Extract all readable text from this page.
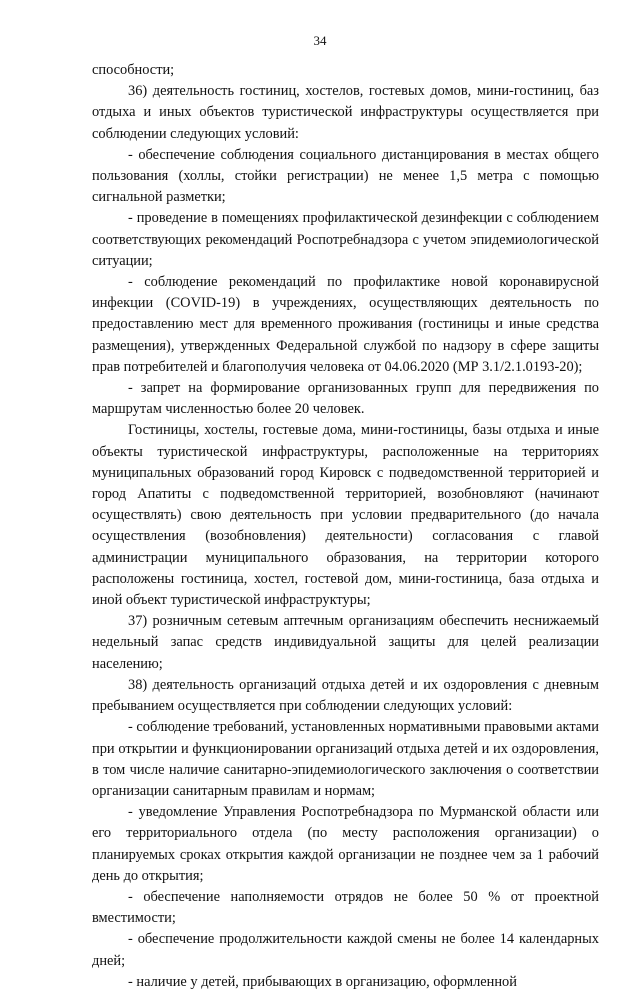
34

способности;

36) деятельность гостиниц, хостелов, гостевых домов, мини-гостиниц, баз отдыха и иных объектов туристической инфраструктуры осуществляется при соблюдении следующих условий:

- обеспечение соблюдения социального дистанцирования в местах общего пользования (холлы, стойки регистрации) не менее 1,5 метра с помощью сигнальной разметки;

- проведение в помещениях профилактической дезинфекции с соблюдением соответствующих рекомендаций Роспотребнадзора с учетом эпидемиологической ситуации;

- соблюдение рекомендаций по профилактике новой коронавирусной инфекции (COVID-19) в учреждениях, осуществляющих деятельность по предоставлению мест для временного проживания (гостиницы и иные средства размещения), утвержденных Федеральной службой по надзору в сфере защиты прав потребителей и благополучия человека от 04.06.2020 (МР 3.1/2.1.0193-20);

- запрет на формирование организованных групп для передвижения по маршрутам численностью более 20 человек.

Гостиницы, хостелы, гостевые дома, мини-гостиницы, базы отдыха и иные объекты туристической инфраструктуры, расположенные на территориях муниципальных образований город Кировск с подведомственной территорией и город Апатиты с подведомственной территорией, возобновляют (начинают осуществлять) свою деятельность при условии предварительного (до начала осуществления (возобновления) деятельности) согласования с главой администрации муниципального образования, на территории которого расположены гостиница, хостел, гостевой дом, мини-гостиница, база отдыха и иной объект туристической инфраструктуры;

37) розничным сетевым аптечным организациям обеспечить неснижаемый недельный запас средств индивидуальной защиты для целей реализации населению;

38) деятельность организаций отдыха детей и их оздоровления с дневным пребыванием осуществляется при соблюдении следующих условий:

- соблюдение требований, установленных нормативными правовыми актами при открытии и функционировании организаций отдыха детей и их оздоровления, в том числе наличие санитарно-эпидемиологического заключения о соответствии организации санитарным правилам и нормам;

- уведомление Управления Роспотребнадзора по Мурманской области или его территориального отдела (по месту расположения организации) о планируемых сроках открытия каждой организации не позднее чем за 1 рабочий день до открытия;

- обеспечение наполняемости отрядов не более 50 % от проектной вместимости;

- обеспечение продолжительности каждой смены не более 14 календарных дней;

- наличие у детей, прибывающих в организацию, оформленной
